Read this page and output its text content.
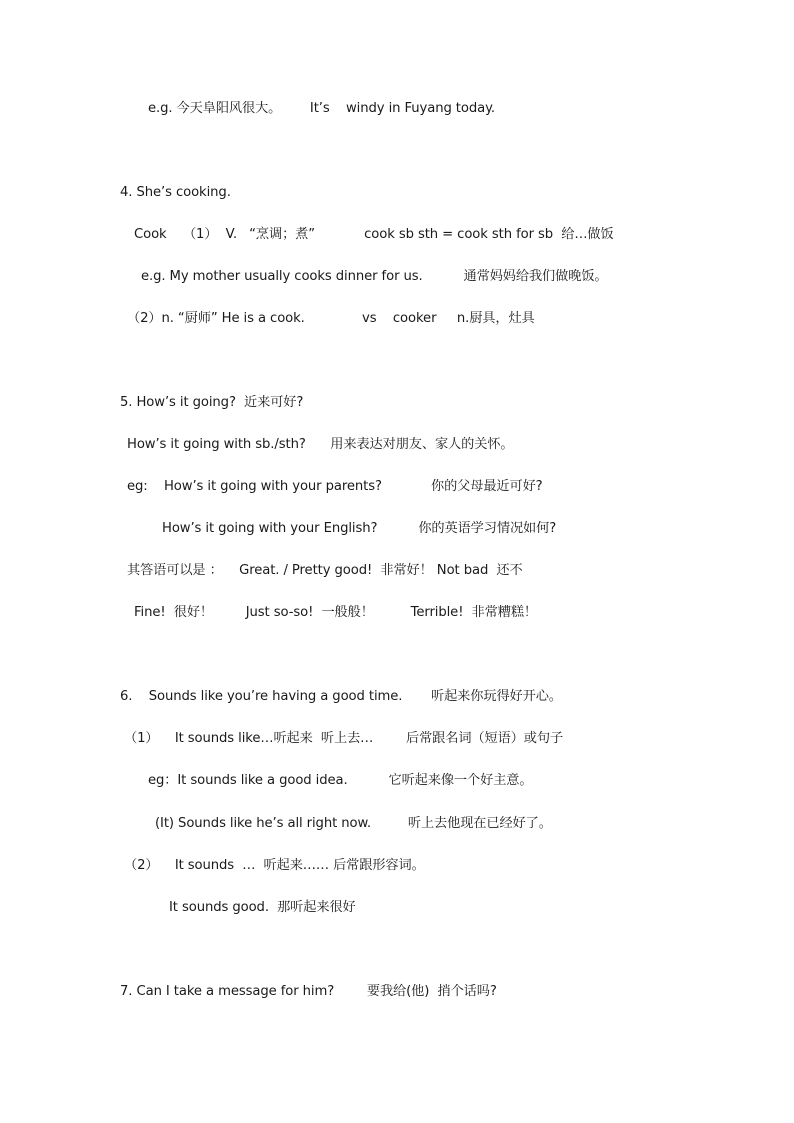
e.g. 今天阜阳风很大。       It’s    windy in Fuyang today.
4. She’s cooking.
Cook    （1）  V.   “烹调；煮”            cook sb sth = cook sth for sb  给…做饭
e.g. My mother usually cooks dinner for us.          通常妈妈给我们做晚饭。
（2）n. “厨师” He is a cook.              vs    cooker     n.厨具，灶具
5. How’s it going?  近来可好?
How’s it going with sb./sth?      用来表达对朋友、家人的关怀。
eg:    How’s it going with your parents?            你的父母最近可好?
How’s it going with your English?          你的英语学习情况如何?
其答语可以是 ：    Great. / Pretty good!  非常好！ Not bad  还不
Fine!  很好！        Just so-so!  一般般！         Terrible!  非常糟糕！
6.    Sounds like you’re having a good time.       听起来你玩得好开心。
（1）    It sounds like…听起来  听上去…        后常跟名词（短语）或句子
eg：It sounds like a good idea.          它听起来像一个好主意。
(It) Sounds like he’s all right now.         听上去他现在已经好了。
（2）    It sounds  …  听起来…… 后常跟形容词。
It sounds good.  那听起来很好
7. Can I take a message for him?        要我给(他)  捎个话吗?
